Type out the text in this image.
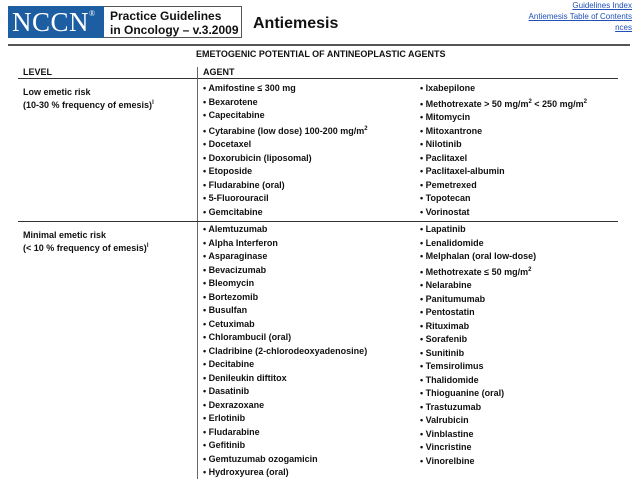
NCCN®	Practice Guidelines
in Oncology – v.3.2009 Antiemesis
Guidelines Index
Antiemesis Table of Contents
nces
EMETOGENIC POTENTIAL OF ANTINEOPLASTIC AGENTS
LEVEL	AGENT
Low emetic risk
(10-30 % frequency of emesis)$^l$
• Amifostine ≤ 300 mg
• Bexarotene
• Capecitabine
• Cytarabine (low dose) 100-200 $mg/m^2$
• Docetaxel
• Doxorubicin (liposomal)
• Etoposide
• Fludarabine (oral)
• 5-Fluorouracil
• Gemcitabine
• Ixabepilone
• Methotrexate > 50 $mg/m^2 < 250$ $mg/m^2$
• Mitomycin
• Mitoxantrone
• Nilotinib
• Paclitaxel
• Paclitaxel-albumin
• Pemetrexed
• Topotecan
• Vorinostat
Minimal emetic risk
(< 10 % frequency of emesis)$^l$
• Alemtuzumab
• Alpha Interferon
• Asparaginase
• Bevacizumab
• Bleomycin
• Bortezomib
• Busulfan
• Cetuximab
• Chlorambucil (oral)
• Cladribine (2-chlorodeoxyadenosine)
• Decitabine
• Denileukin diftitox
• Dasatinib
• Dexrazoxane
• Erlotinib
• Fludarabine
• Gefitinib
• Gemtuzumab ozogamicin
• Hydroxyurea (oral)
• Lapatinib
• Lenalidomide
• Melphalan (oral low-dose)
• Methotrexate ≤ 50 $mg/m^2$
• Nelarabine
• Panitumumab
• Pentostatin
• Rituximab
• Sorafenib
• Sunitinib
• Temsirolimus
• Thalidomide
• Thioguanine (oral)
• Trastuzumab
• Valrubicin
• Vinblastine
• Vincristine
• Vinorelbine
